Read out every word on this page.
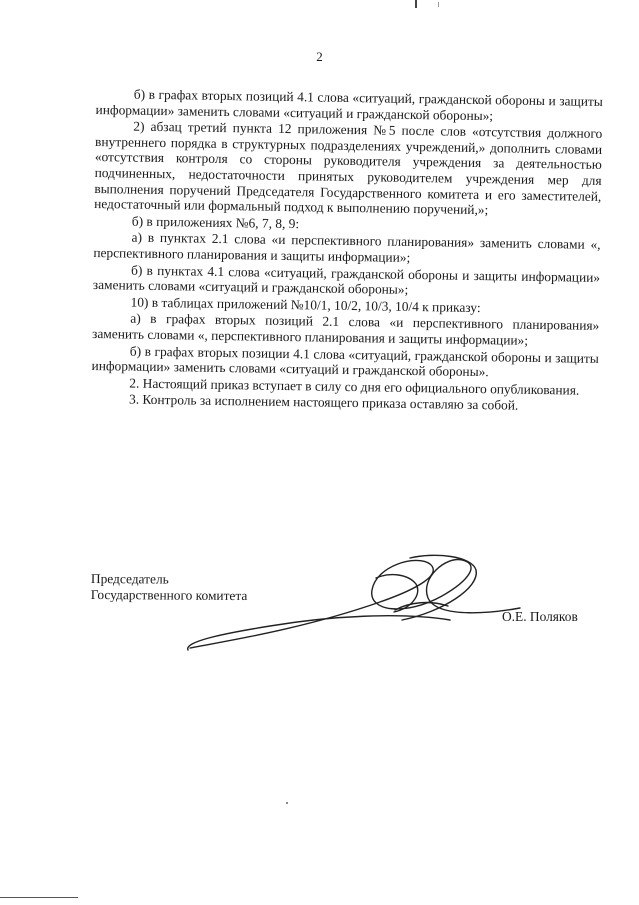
2

б) в графах вторых позиций 4.1 слова «ситуаций, гражданской обороны и защиты информации» заменить словами «ситуаций и гражданской обороны»;

2) абзац третий пункта 12 приложения №5 после слов «отсутствия должного внутреннего порядка в структурных подразделениях учреждений,» дополнить словами «отсутствия контроля со стороны руководителя учреждения за деятельностью подчиненных, недостаточности принятых руководителем учреждения мер для выполнения поручений Председателя Государственного комитета и его заместителей, недостаточный или формальный подход к выполнению поручений,»;

б) в приложениях №6, 7, 8, 9:

а) в пунктах 2.1 слова «и перспективного планирования» заменить словами «, перспективного планирования и защиты информации»;

б) в пунктах 4.1 слова «ситуаций, гражданской обороны и защиты информации» заменить словами «ситуаций и гражданской обороны»;

10) в таблицах приложений №10/1, 10/2, 10/3, 10/4 к приказу:

а) в графах вторых позиций 2.1 слова «и перспективного планирования» заменить словами «, перспективного планирования и защиты информации»;

б) в графах вторых позиции 4.1 слова «ситуаций, гражданской обороны и защиты информации» заменить словами «ситуаций и гражданской обороны».

2. Настоящий приказ вступает в силу со дня его официального опубликования.

3. Контроль за исполнением настоящего приказа оставляю за собой.

Председатель
Государственного комитета
О.Е. Поляков
